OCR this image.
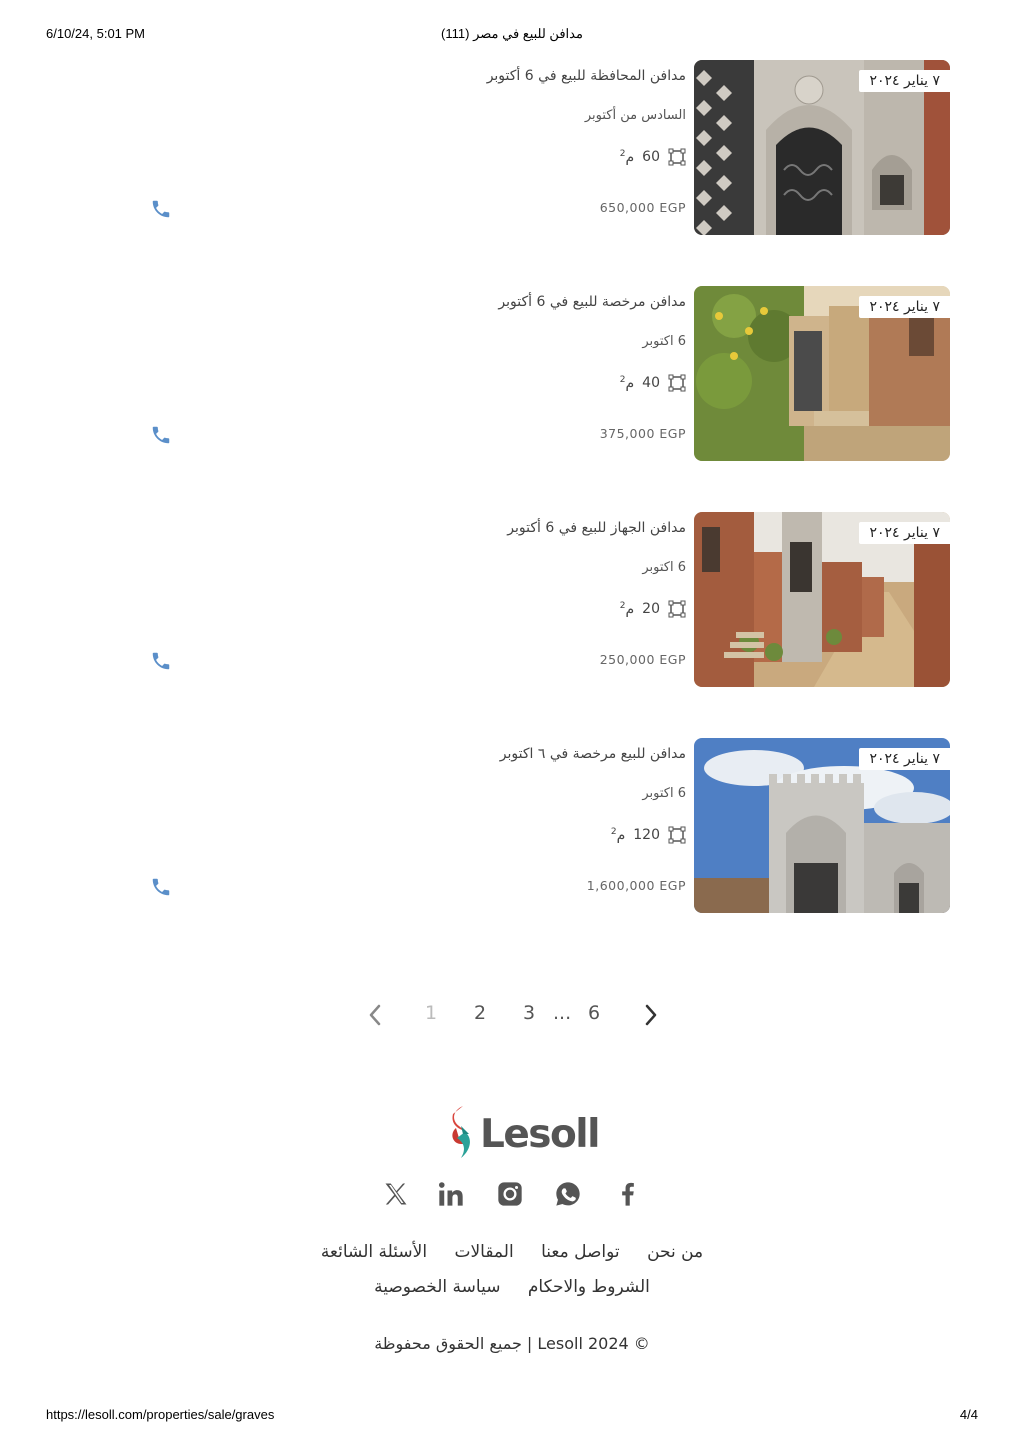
6/10/24, 5:01 PM	مدافن للبيع في مصر (111)
٧ يناير ٢٠٢٤
مدافن المحافظة للبيع في 6 أكتوبر
السادس من أكتوبر
60
م$^2$
650,000 EGP
٧ يناير ٢٠٢٤
مدافن مرخصة للبيع في 6 أكتوبر
6 اكتوبر
40
م$^2$
375,000 EGP
٧ يناير ٢٠٢٤
مدافن الجهاز للبيع في 6 أكتوبر
6 اكتوبر
20
م$^2$
250,000 EGP
٧ يناير ٢٠٢٤
مدافن للبيع مرخصة في ٦ اكتوبر
6 اكتوبر
120
م$^2$
1,600,000 EGP
1 2 3 ... 6
Lesoll
من نحن تواصل معنا المقالات الأسئلة الشائعة
الشروط والاحكام سياسة الخصوصية
جميع الحقوق محفوظة | Lesoll 2024 ©
https://lesoll.com/properties/sale/graves	4/4
